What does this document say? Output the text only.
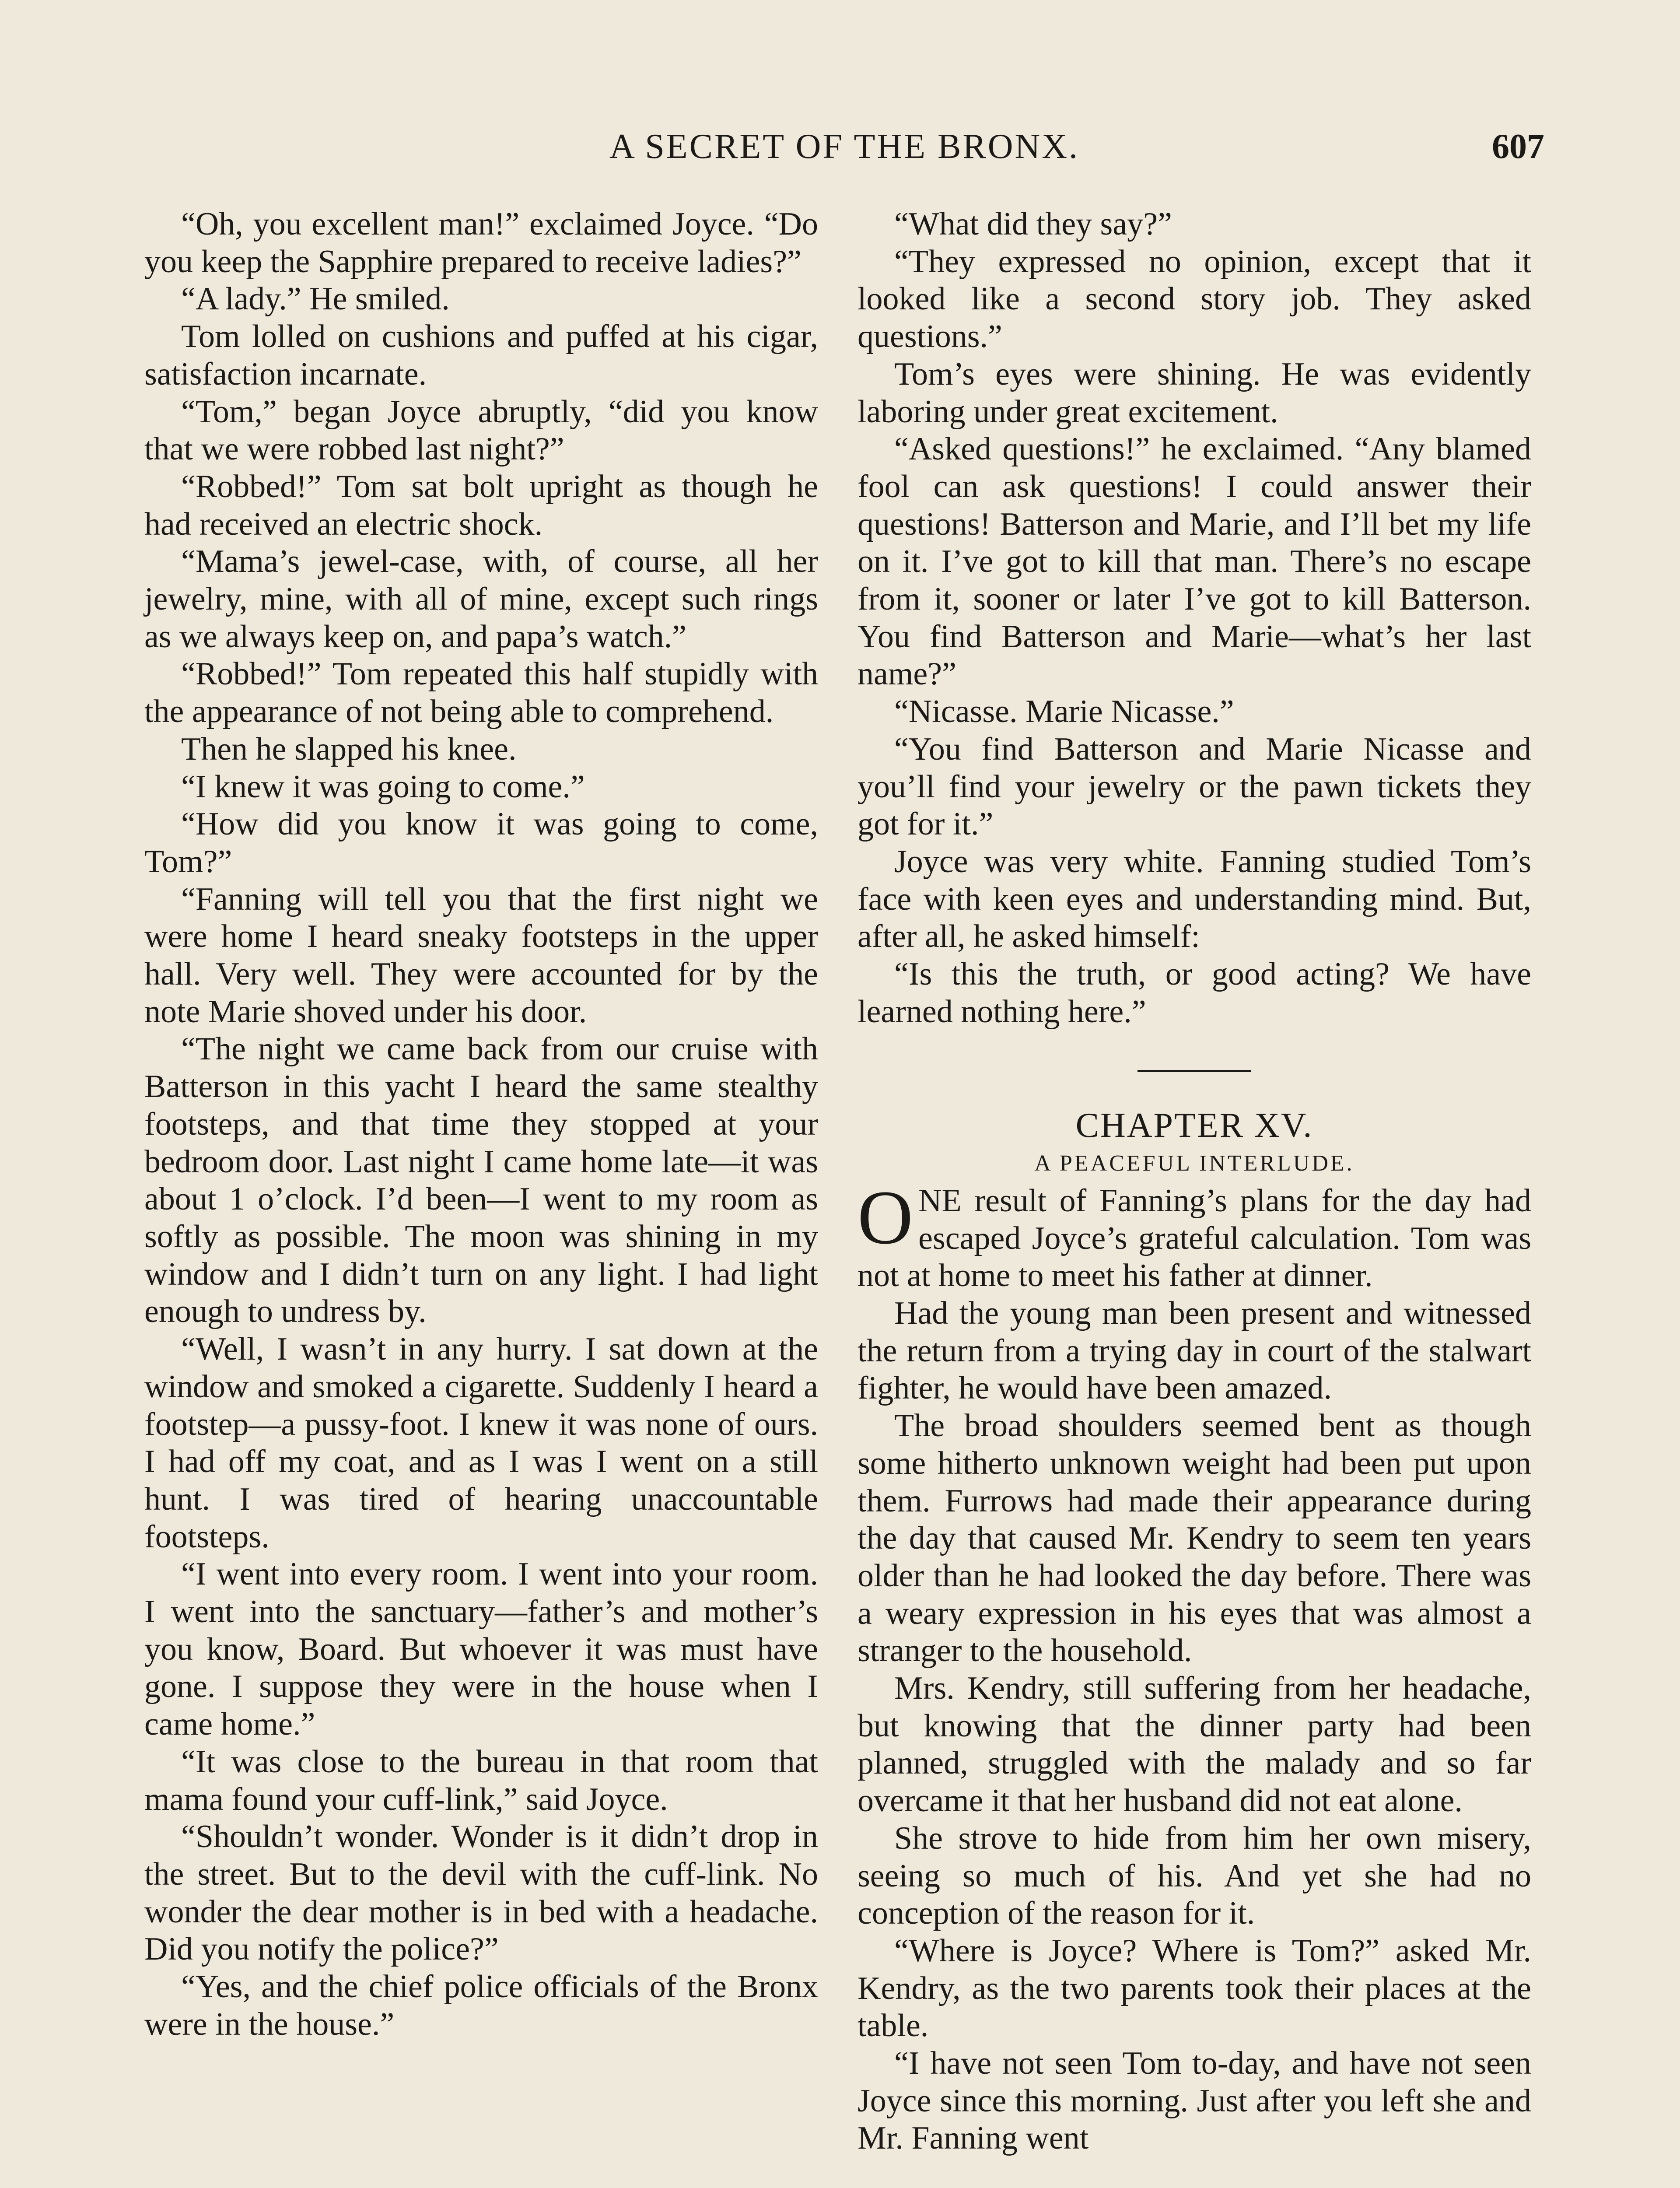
A SECRET OF THE BRONX.	607

“Oh, you excellent man!” exclaimed Joyce. “Do you keep the Sapphire prepared to receive ladies?”

“A lady.” He smiled.

Tom lolled on cushions and puffed at his cigar, satisfaction incarnate.

“Tom,” began Joyce abruptly, “did you know that we were robbed last night?”

“Robbed!” Tom sat bolt upright as though he had received an electric shock.

“Mama’s jewel-case, with, of course, all her jewelry, mine, with all of mine, except such rings as we always keep on, and papa’s watch.”

“Robbed!” Tom repeated this half stupidly with the appearance of not being able to comprehend.

Then he slapped his knee.

“I knew it was going to come.”

“How did you know it was going to come, Tom?”

“Fanning will tell you that the first night we were home I heard sneaky footsteps in the upper hall. Very well. They were accounted for by the note Marie shoved under his door.

“The night we came back from our cruise with Batterson in this yacht I heard the same stealthy footsteps, and that time they stopped at your bedroom door. Last night I came home late—it was about 1 o’clock. I’d been—I went to my room as softly as possible. The moon was shining in my window and I didn’t turn on any light. I had light enough to undress by.

“Well, I wasn’t in any hurry. I sat down at the window and smoked a cigarette. Suddenly I heard a footstep—a pussy-foot. I knew it was none of ours. I had off my coat, and as I was I went on a still hunt. I was tired of hearing unaccountable footsteps.

“I went into every room. I went into your room. I went into the sanctuary—father’s and mother’s you know, Board. But whoever it was must have gone. I suppose they were in the house when I came home.”

“It was close to the bureau in that room that mama found your cuff-link,” said Joyce.

“Shouldn’t wonder. Wonder is it didn’t drop in the street. But to the devil with the cuff-link. No wonder the dear mother is in bed with a headache. Did you notify the police?”

“Yes, and the chief police officials of the Bronx were in the house.”

“What did they say?”

“They expressed no opinion, except that it looked like a second story job. They asked questions.”

Tom’s eyes were shining. He was evidently laboring under great excitement.

“Asked questions!” he exclaimed. “Any blamed fool can ask questions! I could answer their questions! Batterson and Marie, and I’ll bet my life on it. I’ve got to kill that man. There’s no escape from it, sooner or later I’ve got to kill Batterson. You find Batterson and Marie—what’s her last name?”

“Nicasse. Marie Nicasse.”

“You find Batterson and Marie Nicasse and you’ll find your jewelry or the pawn tickets they got for it.”

Joyce was very white. Fanning studied Tom’s face with keen eyes and understanding mind. But, after all, he asked himself:

“Is this the truth, or good acting? We have learned nothing here.”

CHAPTER XV.

A PEACEFUL INTERLUDE.

ONE result of Fanning’s plans for the day had escaped Joyce’s grateful calculation. Tom was not at home to meet his father at dinner.

Had the young man been present and witnessed the return from a trying day in court of the stalwart fighter, he would have been amazed.

The broad shoulders seemed bent as though some hitherto unknown weight had been put upon them. Furrows had made their appearance during the day that caused Mr. Kendry to seem ten years older than he had looked the day before. There was a weary expression in his eyes that was almost a stranger to the household.

Mrs. Kendry, still suffering from her headache, but knowing that the dinner party had been planned, struggled with the malady and so far overcame it that her husband did not eat alone.

She strove to hide from him her own misery, seeing so much of his. And yet she had no conception of the reason for it.

“Where is Joyce? Where is Tom?” asked Mr. Kendry, as the two parents took their places at the table.

“I have not seen Tom to-day, and have not seen Joyce since this morning. Just after you left she and Mr. Fanning went
